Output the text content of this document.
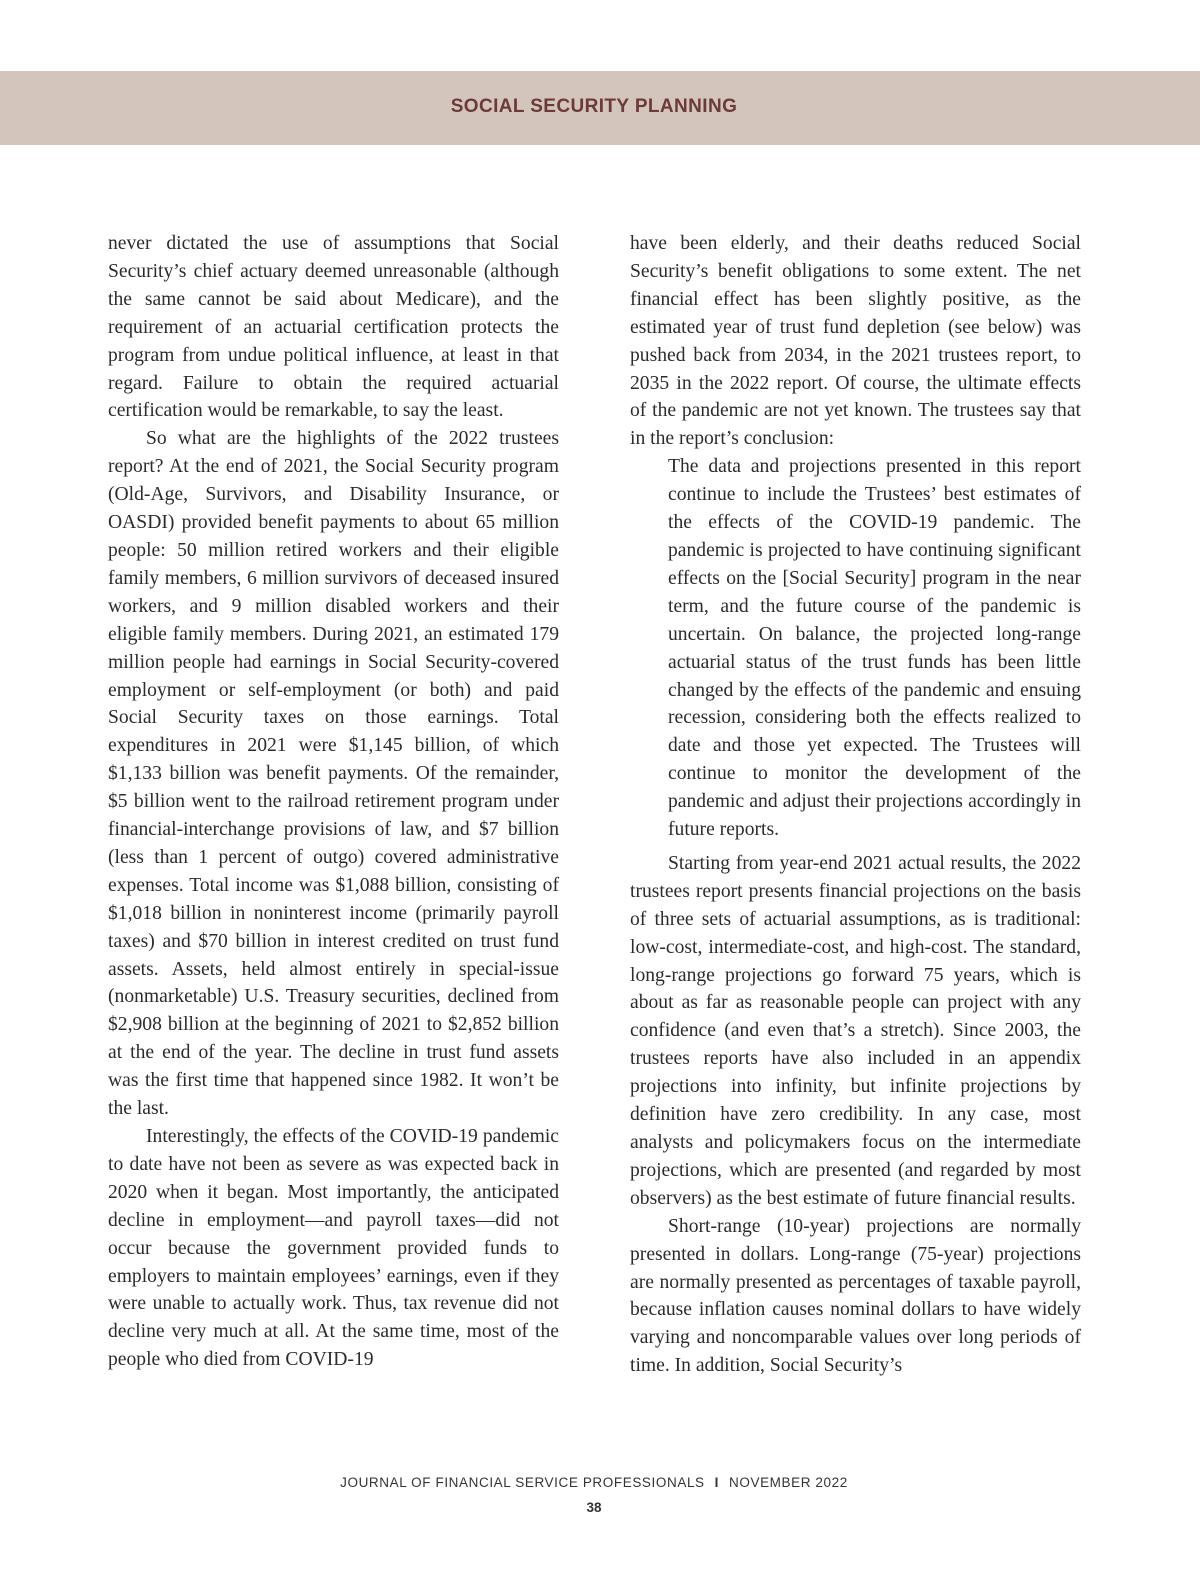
SOCIAL SECURITY PLANNING

never dictated the use of assumptions that Social Security’s chief actuary deemed unreasonable (although the same cannot be said about Medicare), and the requirement of an actuarial certification protects the program from undue political influence, at least in that regard. Failure to obtain the required actuarial certification would be remarkable, to say the least.

So what are the highlights of the 2022 trustees report? At the end of 2021, the Social Security program (Old-Age, Survivors, and Disability Insurance, or OASDI) provided benefit payments to about 65 million people: 50 million retired workers and their eligible family members, 6 million survivors of deceased insured workers, and 9 million disabled workers and their eligible family members. During 2021, an estimated 179 million people had earnings in Social Security-covered employment or self-employment (or both) and paid Social Security taxes on those earnings. Total expenditures in 2021 were $1,145 billion, of which $1,133 billion was benefit payments. Of the remainder, $5 billion went to the railroad retirement program under financial-interchange provisions of law, and $7 billion (less than 1 percent of outgo) covered administrative expenses. Total income was $1,088 billion, consisting of $1,018 billion in noninterest income (primarily payroll taxes) and $70 billion in interest credited on trust fund assets. Assets, held almost entirely in special-issue (nonmarketable) U.S. Treasury securities, declined from $2,908 billion at the beginning of 2021 to $2,852 billion at the end of the year. The decline in trust fund assets was the first time that happened since 1982. It won’t be the last.

Interestingly, the effects of the COVID-19 pandemic to date have not been as severe as was expected back in 2020 when it began. Most importantly, the anticipated decline in employment—and payroll taxes—did not occur because the government provided funds to employers to maintain employees’ earnings, even if they were unable to actually work. Thus, tax revenue did not decline very much at all. At the same time, most of the people who died from COVID-19

have been elderly, and their deaths reduced Social Security’s benefit obligations to some extent. The net financial effect has been slightly positive, as the estimated year of trust fund depletion (see below) was pushed back from 2034, in the 2021 trustees report, to 2035 in the 2022 report. Of course, the ultimate effects of the pandemic are not yet known. The trustees say that in the report’s conclusion:

The data and projections presented in this report continue to include the Trustees’ best estimates of the effects of the COVID-19 pandemic. The pandemic is projected to have continuing significant effects on the [Social Security] program in the near term, and the future course of the pandemic is uncertain. On balance, the projected long-range actuarial status of the trust funds has been little changed by the effects of the pandemic and ensuing recession, considering both the effects realized to date and those yet expected. The Trustees will continue to monitor the development of the pandemic and adjust their projections accordingly in future reports.

Starting from year-end 2021 actual results, the 2022 trustees report presents financial projections on the basis of three sets of actuarial assumptions, as is traditional: low-cost, intermediate-cost, and high-cost. The standard, long-range projections go forward 75 years, which is about as far as reasonable people can project with any confidence (and even that’s a stretch). Since 2003, the trustees reports have also included in an appendix projections into infinity, but infinite projections by definition have zero credibility. In any case, most analysts and policymakers focus on the intermediate projections, which are presented (and regarded by most observers) as the best estimate of future financial results.

Short-range (10-year) projections are normally presented in dollars. Long-range (75-year) projections are normally presented as percentages of taxable payroll, because inflation causes nominal dollars to have widely varying and noncomparable values over long periods of time. In addition, Social Security’s

JOURNAL OF FINANCIAL SERVICE PROFESSIONALS I NOVEMBER 2022
38
